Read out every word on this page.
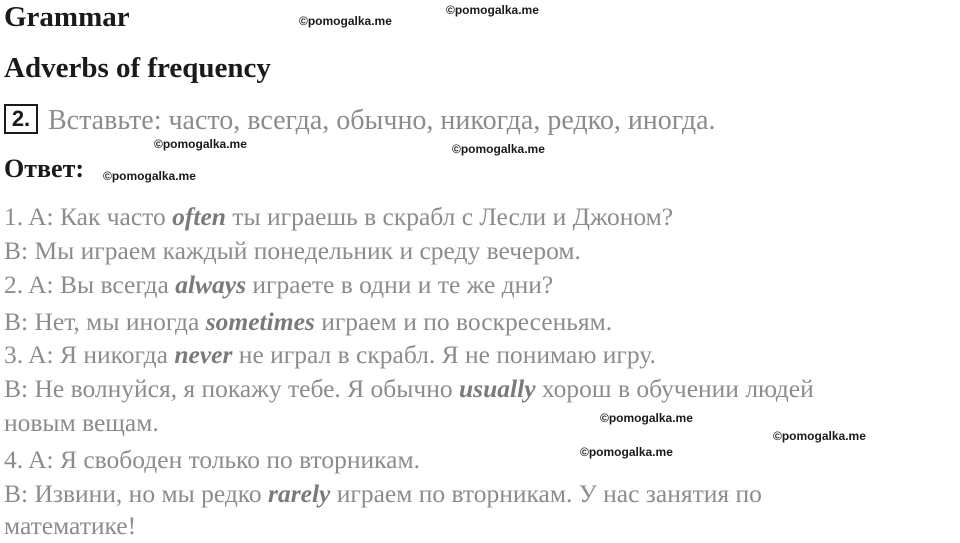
Grammar
Adverbs of frequency
2. Вставьте: часто, всегда, обычно, никогда, редко, иногда.
Ответ:
©pomogalka.me
©pomogalka.me
©pomogalka.me	©pomogalka.me
©pomogalka.me
©pomogalka.me
©pomogalka.me
©pomogalka.me
1. A: Как часто often ты играешь в скрабл с Лесли и Джоном?
B: Мы играем каждый понедельник и среду вечером.
2. A: Вы всегда always играете в одни и те же дни?
B: Нет, мы иногда sometimes играем и по воскресеньям.
3. A: Я никогда never не играл в скрабл. Я не понимаю игру.
B: Не волнуйся, я покажу тебе. Я обычно usually хорош в обучении людей
новым вещам.
4. A: Я свободен только по вторникам.
B: Извини, но мы редко rarely играем по вторникам. У нас занятия по
математике!
